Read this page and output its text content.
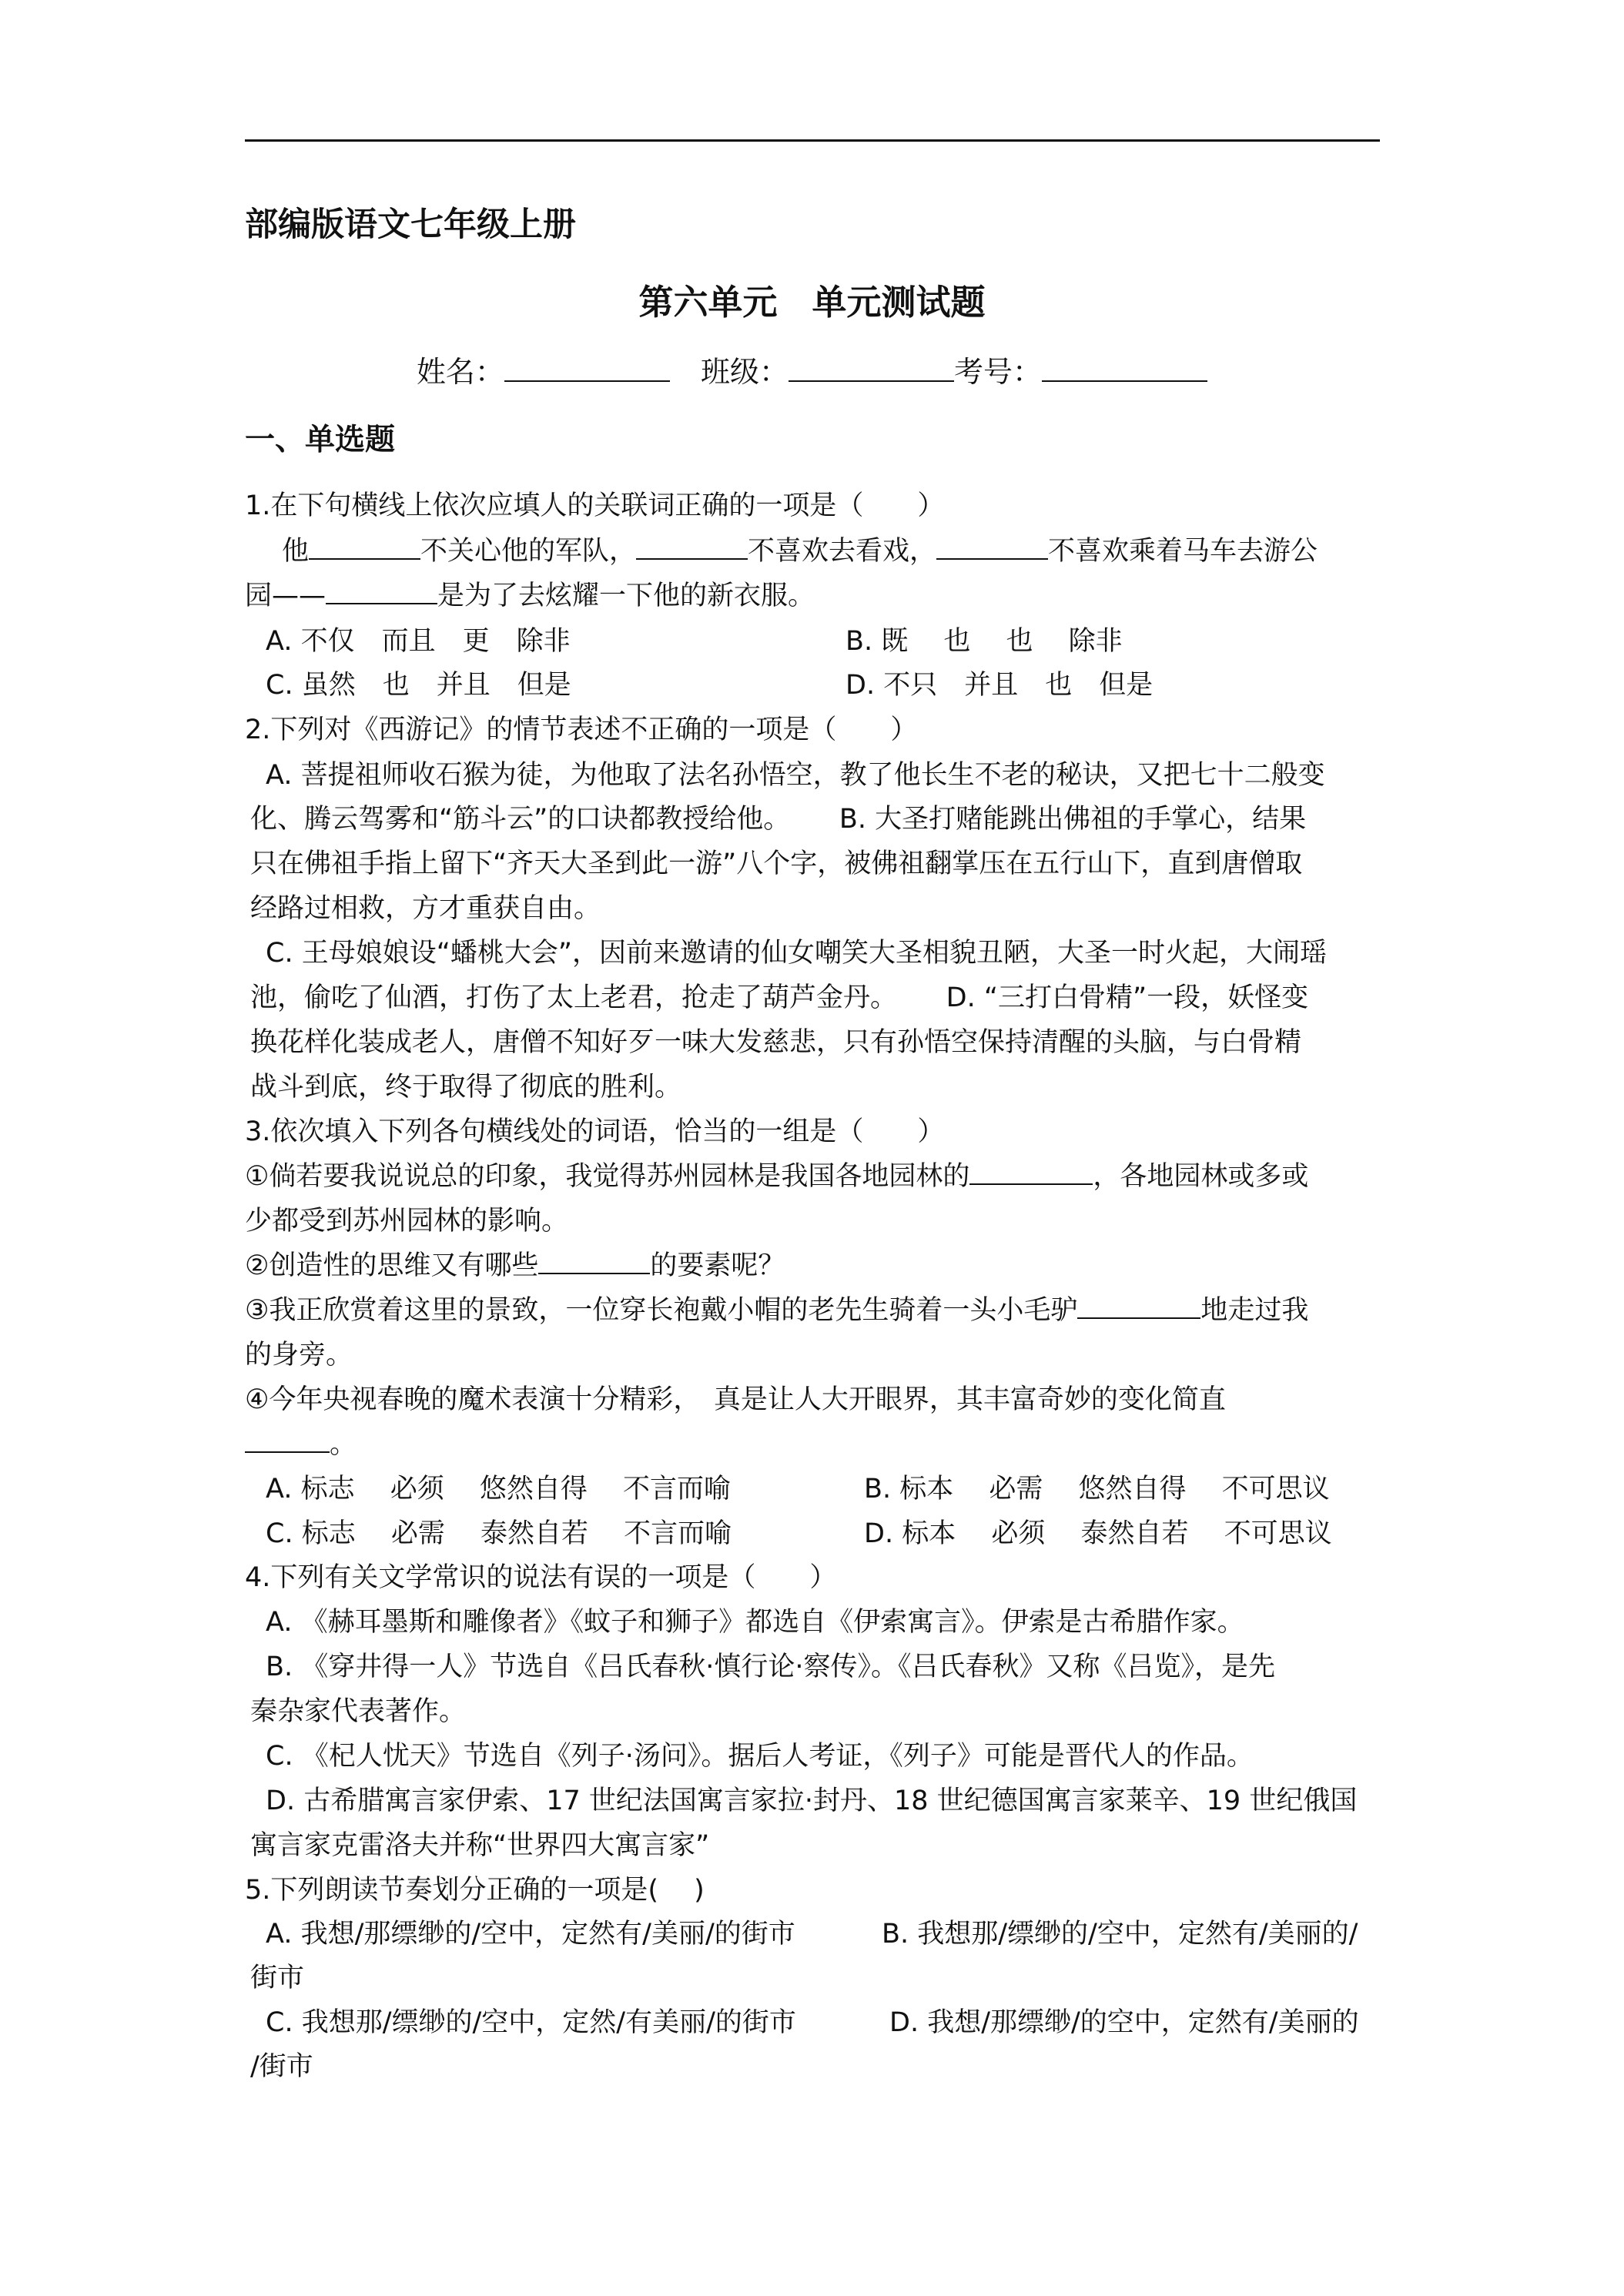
部编版语文七年级上册
第六单元　单元测试题
姓名：	班级：	考号：
一、单选题
1.在下句横线上依次应填人的关联词正确的一项是（　　）
他	不关心他的军队，	不喜欢去看戏，	不喜欢乘着马车去游公
园——	是为了去炫耀一下他的新衣服。
A. 不仅　而且　更　除非	B. 既　 也　 也　 除非
C. 虽然　也　并且　但是	D. 不只　并且　也　但是
2.下列对《西游记》的情节表述不正确的一项是（　　）
A. 菩提祖师收石猴为徒，为他取了法名孙悟空，教了他长生不老的秘诀，又把七十二般变
化、腾云驾雾和“筋斗云”的口诀都教授给他。　　 B. 大圣打赌能跳出佛祖的手掌心，结果
只在佛祖手指上留下“齐天大圣到此一游”八个字，被佛祖翻掌压在五行山下，直到唐僧取
经路过相救，方才重获自由。
C. 王母娘娘设“蟠桃大会”，因前来邀请的仙女嘲笑大圣相貌丑陋，大圣一时火起，大闹瑶
池，偷吃了仙酒，打伤了太上老君，抢走了葫芦金丹。　　 D. “三打白骨精”一段，妖怪变
换花样化装成老人，唐僧不知好歹一味大发慈悲，只有孙悟空保持清醒的头脑，与白骨精
战斗到底，终于取得了彻底的胜利。
3.依次填入下列各句横线处的词语，恰当的一组是（　　）
①倘若要我说说总的印象，我觉得苏州园林是我国各地园林的	，各地园林或多或
少都受到苏州园林的影响。
②创造性的思维又有哪些	的要素呢？
③我正欣赏着这里的景致，一位穿长袍戴小帽的老先生骑着一头小毛驴	地走过我
的身旁。
④今年央视春晚的魔术表演十分精彩，　真是让人大开眼界，其丰富奇妙的变化简直
。
A. 标志　 必须　 悠然自得　 不言而喻	B. 标本　 必需　 悠然自得　 不可思议
C. 标志　 必需　 泰然自若　 不言而喻	D. 标本　 必须　 泰然自若　 不可思议
4.下列有关文学常识的说法有误的一项是（　　）
A. 《赫耳墨斯和雕像者》《蚊子和狮子》都选自《伊索寓言》。伊索是古希腊作家。
B. 《穿井得一人》节选自《吕氏春秋·慎行论·察传》。《吕氏春秋》又称《吕览》，是先
秦杂家代表著作。
C. 《杞人忧天》节选自《列子·汤问》。据后人考证，《列子》可能是晋代人的作品。
D. 古希腊寓言家伊索、17 世纪法国寓言家拉·封丹、18 世纪德国寓言家莱辛、19 世纪俄国
寓言家克雷洛夫并称“世界四大寓言家”
5.下列朗读节奏划分正确的一项是(　 )
A. 我想/那缥缈的/空中，定然有/美丽/的街市	B. 我想那/缥缈的/空中，定然有/美丽的/
街市
C. 我想那/缥缈的/空中，定然/有美丽/的街市	D. 我想/那缥缈/的空中，定然有/美丽的
/街市
